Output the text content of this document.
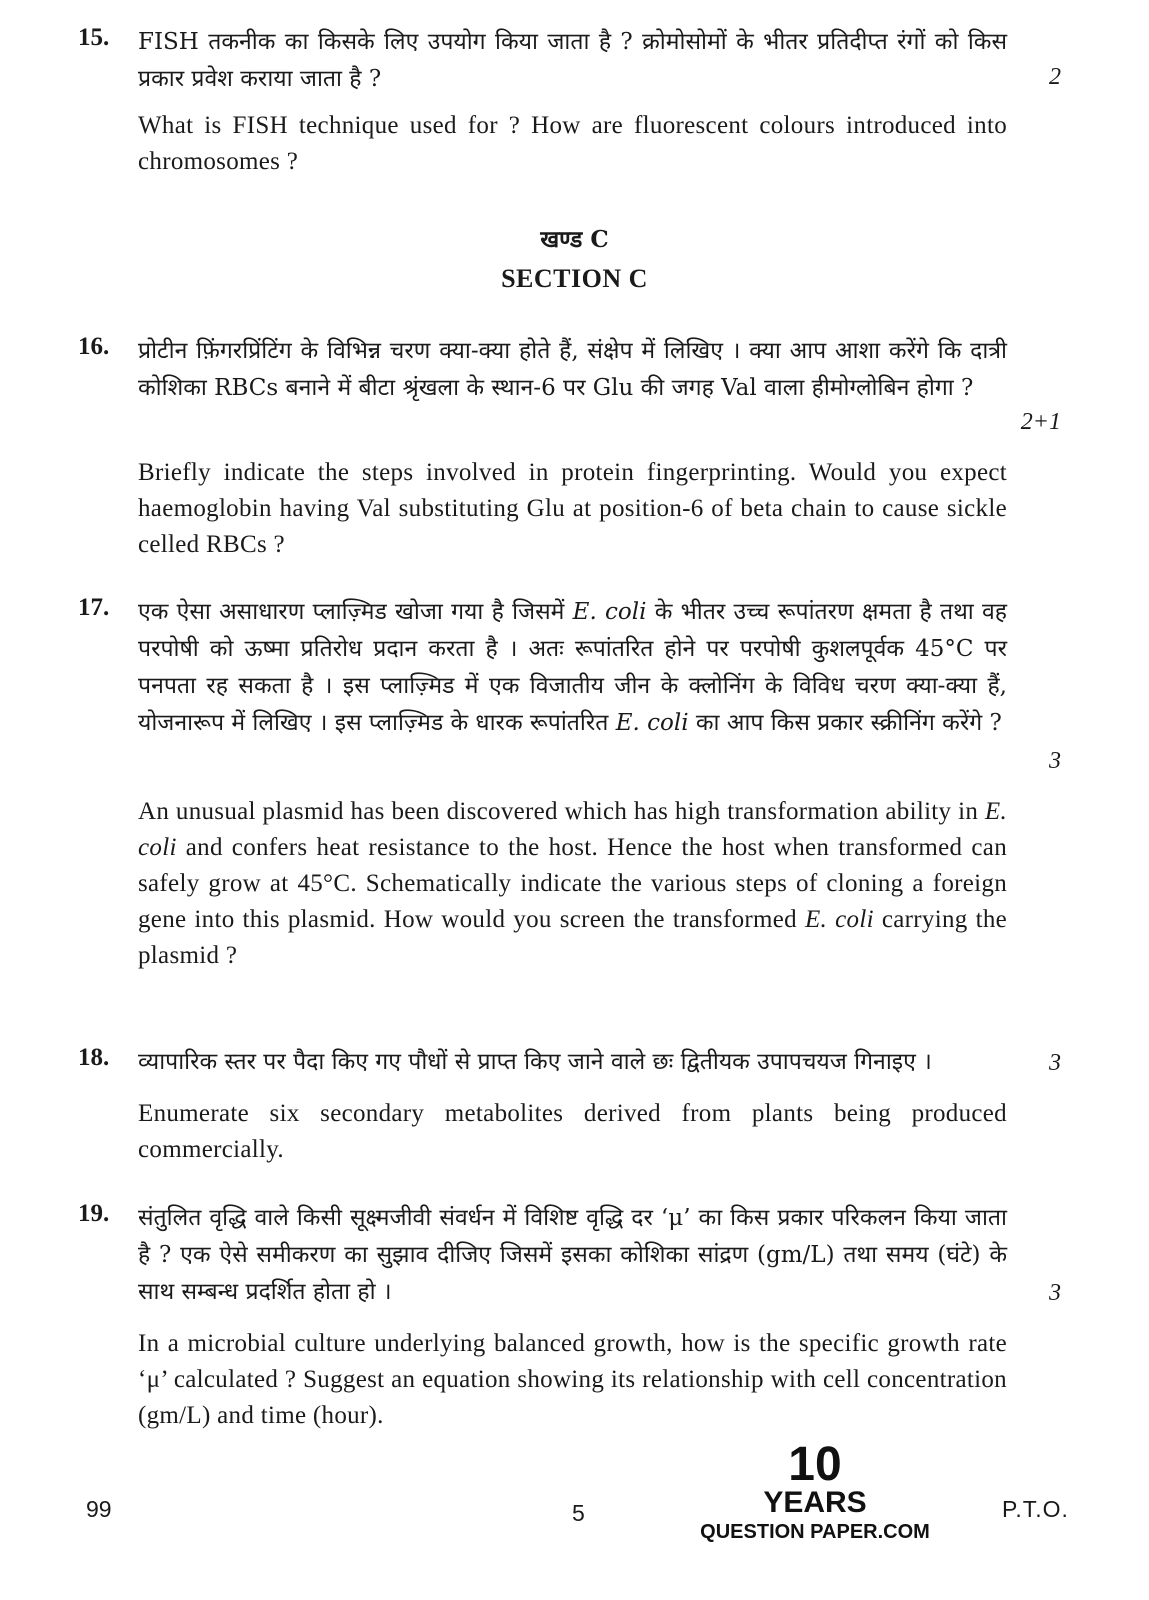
15. FISH तकनीक का किसके लिए उपयोग किया जाता है ? क्रोमोसोमों के भीतर प्रतिदीप्त रंगों को किस प्रकार प्रवेश कराया जाता है ?	2
What is FISH technique used for ? How are fluorescent colours introduced into chromosomes ?
खण्ड C
SECTION C
16. प्रोटीन फ़िंगरप्रिंटिंग के विभिन्न चरण क्या-क्या होते हैं, संक्षेप में लिखिए । क्या आप आशा करेंगे कि दात्री कोशिका RBCs बनाने में बीटा श्रृंखला के स्थान-6 पर Glu की जगह Val वाला हीमोग्लोबिन होगा ?
2+1
Briefly indicate the steps involved in protein fingerprinting. Would you expect haemoglobin having Val substituting Glu at position-6 of beta chain to cause sickle celled RBCs ?
17. एक ऐसा असाधारण प्लाज़्मिड खोजा गया है जिसमें E. coli के भीतर उच्च रूपांतरण क्षमता है तथा वह परपोषी को ऊष्मा प्रतिरोध प्रदान करता है । अतः रूपांतरित होने पर परपोषी कुशलपूर्वक 45°C पर पनपता रह सकता है । इस प्लाज़्मिड में एक विजातीय जीन के क्लोनिंग के विविध चरण क्या-क्या हैं, योजनारूप में लिखिए । इस प्लाज़्मिड के धारक रूपांतरित E. coli का आप किस प्रकार स्क्रीनिंग करेंगे ?
3
An unusual plasmid has been discovered which has high transformation ability in E. coli and confers heat resistance to the host. Hence the host when transformed can safely grow at 45°C. Schematically indicate the various steps of cloning a foreign gene into this plasmid. How would you screen the transformed E. coli carrying the plasmid ?
18. व्यापारिक स्तर पर पैदा किए गए पौधों से प्राप्त किए जाने वाले छः द्वितीयक उपापचयज गिनाइए ।	3
Enumerate six secondary metabolites derived from plants being produced commercially.
19. संतुलित वृद्धि वाले किसी सूक्ष्मजीवी संवर्धन में विशिष्ट वृद्धि दर ‘μ’ का किस प्रकार परिकलन किया जाता है ? एक ऐसे समीकरण का सुझाव दीजिए जिसमें इसका कोशिका सांद्रण (gm/L) तथा समय (घंटे) के साथ सम्बन्ध प्रदर्शित होता हो ।	3
In a microbial culture underlying balanced growth, how is the specific growth rate ‘μ’ calculated ? Suggest an equation showing its relationship with cell concentration (gm/L) and time (hour).
99	5	P.T.O.
10
YEARS
QUESTION PAPER.COM
